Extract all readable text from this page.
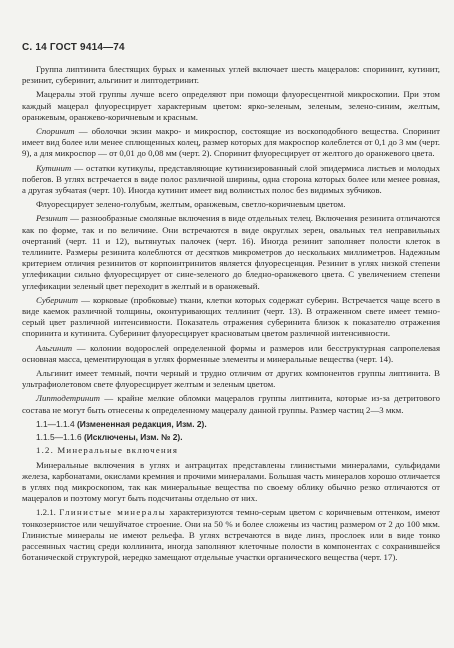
С. 14 ГОСТ 9414—74

Группа липтинита блестящих бурых и каменных углей включает шесть мацералов: спорининт, кутинит, резинит, суберинит, альгинит и липтодетринит.

Мацералы этой группы лучше всего определяют при помощи флуоресцентной микроскопии. При этом каждый мацерал флуоресцирует характерным цветом: ярко-зеленым, зеленым, зелено-синим, желтым, оранжевым, оранжево-коричневым и красным.

Споринит — оболочки экзин макро- и микроспор, состоящие из воскоподобного вещества. Споринит имеет вид более или менее сплющенных колец, размер которых для макроспор колеблется от 0,1 до 3 мм (черт. 9), а для микроспор — от 0,01 до 0,08 мм (черт. 2). Споринит флуоресцирует от желтого до оранжевого цвета.

Кутинит — остатки кутикулы, представляющие кутинизированный слой эпидермиса листьев и молодых побегов. В углях встречается в виде полос различной ширины, одна сторона которых более или менее ровная, а другая зубчатая (черт. 10). Иногда кутинит имеет вид волнистых полос без видимых зубчиков.

Флуоресцирует зелено-голубым, желтым, оранжевым, светло-коричневым цветом.

Резинит — разнообразные смоляные включения в виде отдельных телец. Включения резинита отличаются как по форме, так и по величине. Они встречаются в виде округлых зерен, овальных тел неправильных очертаний (черт. 11 и 12), вытянутых палочек (черт. 16). Иногда резинит заполняет полости клеток в теллините. Размеры резинита колеблются от десятков микрометров до нескольких миллиметров. Надежным критерием отличия резинитов от корпоинтринитов является флуоресценция. Резинит в углях низкой степени углефикации сильно флуоресцирует от сине-зеленого до бледно-оранжевого цвета. С увеличением степени углефикации зеленый цвет переходит в желтый и в оранжевый.

Суберинит — корковые (пробковые) ткани, клетки которых содержат суберин. Встречается чаще всего в виде каемок различной толщины, оконтуривающих теллинит (черт. 13). В отраженном свете имеет темно-серый цвет различной интенсивности. Показатель отражения суберинита близок к показателю отражения споринита и кутинита. Суберинит флуоресцирует красноватым цветом различной интенсивности.

Альгинит — колонии водорослей определенной формы и размеров или бесструктурная сапропелевая основная масса, цементирующая в углях форменные элементы и минеральные вещества (черт. 14).

Альгинит имеет темный, почти черный и трудно отличим от других компонентов группы липтинита. В ультрафиолетовом свете флуоресцирует желтым и зеленым цветом.

Липтодетринит — крайне мелкие обломки мацералов группы липтинита, которые из-за детритового состава не могут быть отнесены к определенному мацералу данной группы. Размер частиц 2—3 мкм.

1.1—1.1.4 (Измененная редакция, Изм. 2).

1.1.5—1.1.6 (Исключены, Изм. № 2).

1.2. Минеральные включения

Минеральные включения в углях и антрацитах представлены глинистыми минералами, сульфидами железа, карбонатами, окислами кремния и прочими минералами. Большая часть минералов хорошо отличается в углях под микроскопом, так как минеральные вещества по своему облику обычно резко отличаются от мацералов и поэтому могут быть подсчитаны отдельно от них.

1.2.1. Глинистые минералы характеризуются темно-серым цветом с коричневым оттенком, имеют тонкозернистое или чешуйчатое строение. Они на 50 % и более сложены из частиц размером от 2 до 100 мкм. Глинистые минералы не имеют рельефа. В углях встречаются в виде линз, прослоек или в виде тонко рассеянных частиц среди коллинита, иногда заполняют клеточные полости в компонентах с сохранившейся ботанической структурой, нередко замещают отдельные участки органического вещества (черт. 17).
